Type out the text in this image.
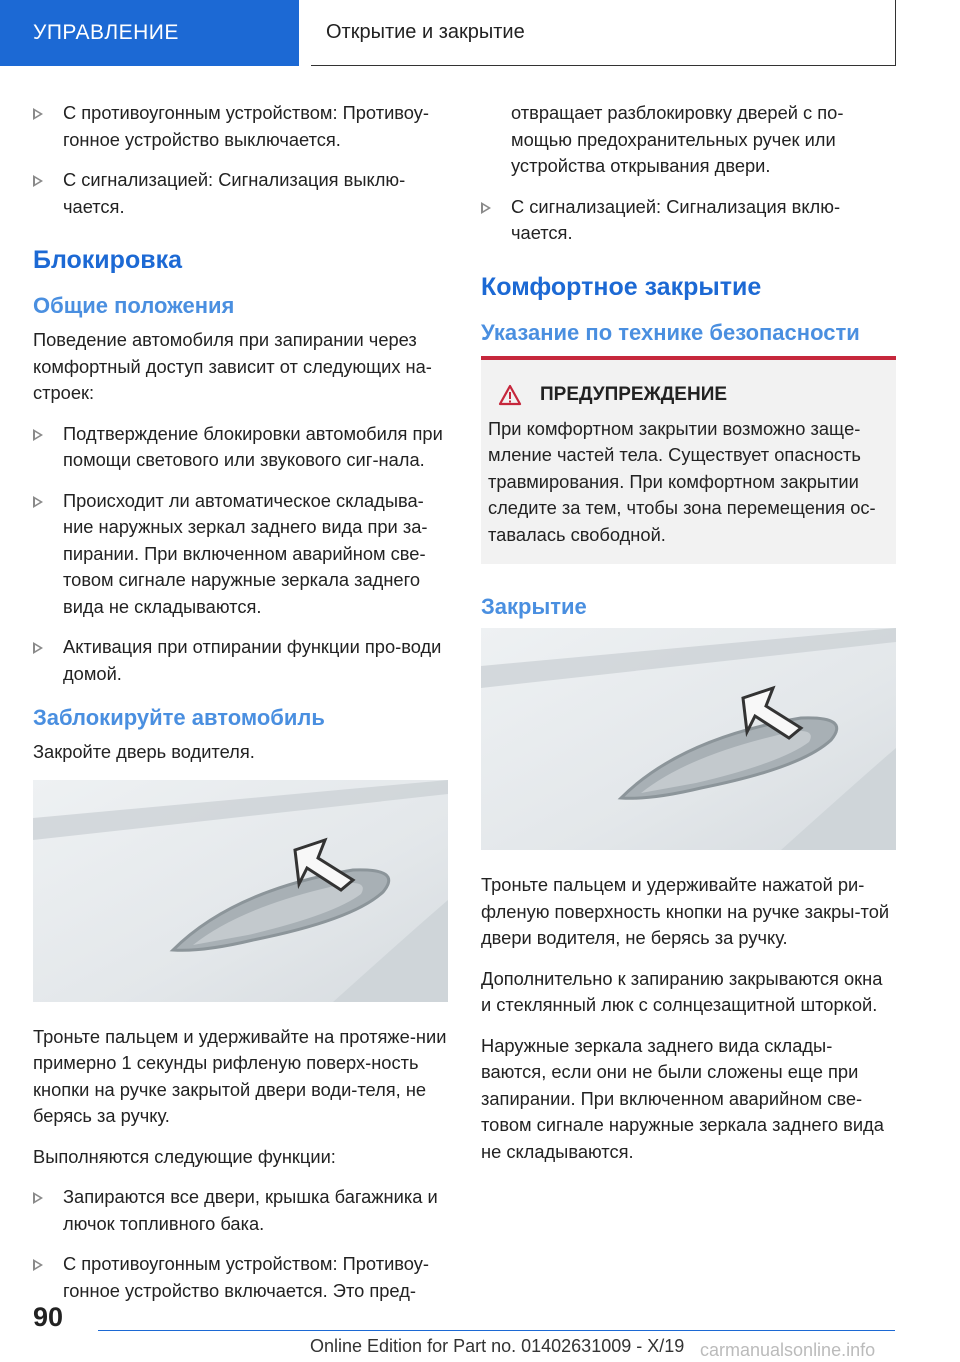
УПРАВЛЕНИЕ	Открытие и закрытие
С противоугонным устройством: Противоу-гонное устройство выключается.
С сигнализацией: Сигнализация выклю-чается.
Блокировка
Общие положения

Поведение автомобиля при запирании через комфортный доступ зависит от следующих на-строек:

Подтверждение блокировки автомобиля при помощи светового или звукового сиг-нала.
Происходит ли автоматическое складыва-ние наружных зеркал заднего вида при за-пирании. При включенном аварийном све-товом сигнале наружные зеркала заднего вида не складываются.
Активация при отпирании функции про-води домой.
Заблокируйте автомобиль

Закройте дверь водителя.

Троньте пальцем и удерживайте на протяже-нии примерно 1 секунды рифленую поверх-ность кнопки на ручке закрытой двери води-теля, не берясь за ручку.

Выполняются следующие функции:

Запираются все двери, крышка багажника и лючок топливного бака.
С противоугонным устройством: Противоу-гонное устройство включается. Это пред-

отвращает разблокировку дверей с по-мощью предохранительных ручек или устройства открывания двери.

С сигнализацией: Сигнализация вклю-чается.
Комфортное закрытие
Указание по технике безопасности
ПРЕДУПРЕЖДЕНИЕ

При комфортном закрытии возможно защe-мление частей тела. Существует опасность травмирования. При комфортном закрытии следите за тем, чтобы зона перемещения ос-тавалась свободной.

Закрытие

Троньте пальцем и удерживайте нажатой ри-фленую поверхность кнопки на ручке закры-той двери водителя, не берясь за ручку.

Дополнительно к запиранию закрываются окна и стеклянный люк с солнцезащитной шторкой.

Наружные зеркала заднего вида склады-ваются, если они не были сложены еще при запирании. При включенном аварийном све-товом сигнале наружные зеркала заднего вида не складываются.

90
Online Edition for Part no. 01402631009 - X/19 carmanualsonline.info
